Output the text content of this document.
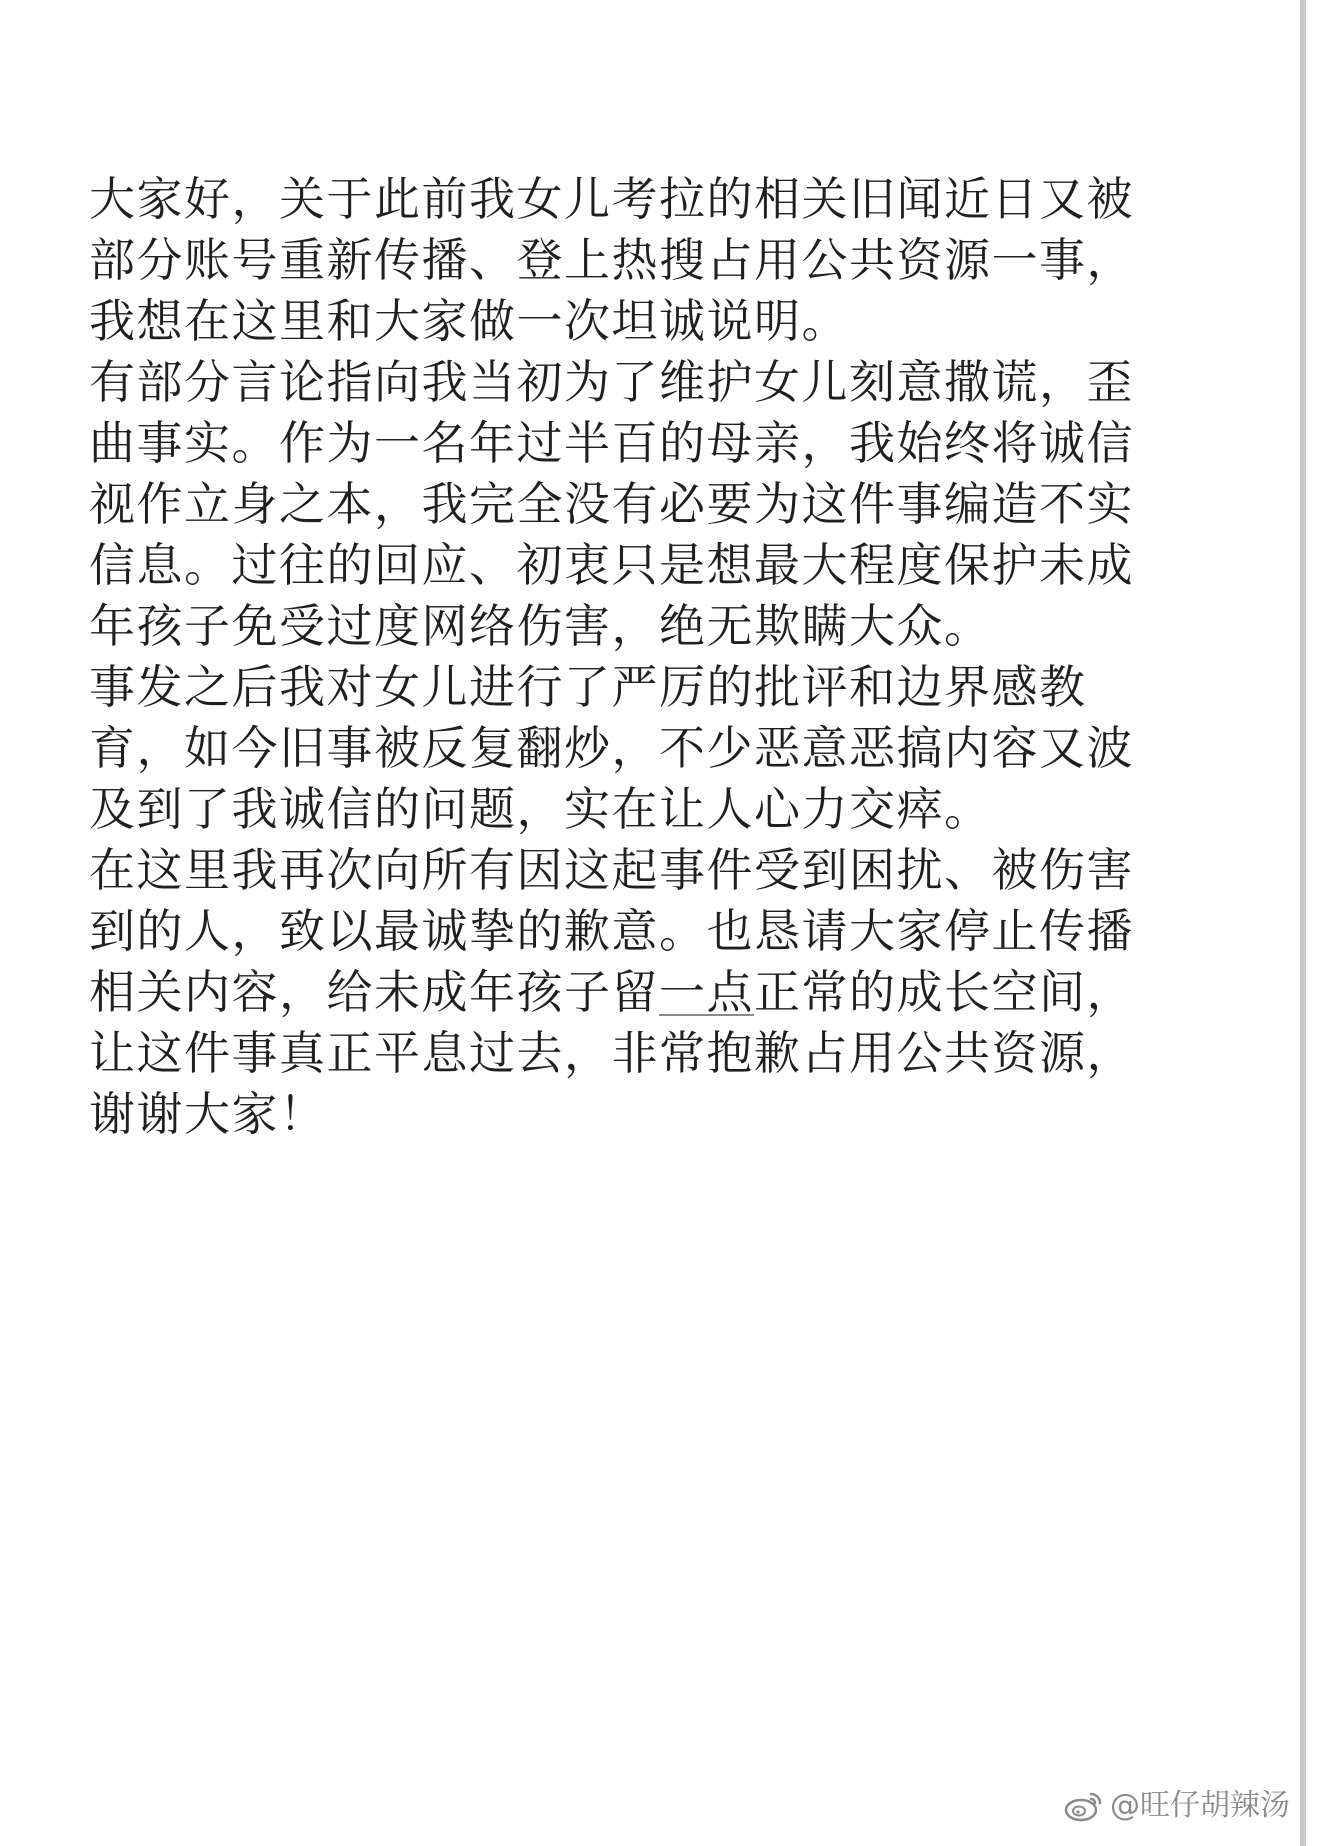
大家好，关于此前我女儿考拉的相关旧闻近日又被
部分账号重新传播、登上热搜占用公共资源一事，
我想在这里和大家做一次坦诚说明。
有部分言论指向我当初为了维护女儿刻意撒谎，歪
曲事实。作为一名年过半百的母亲，我始终将诚信
视作立身之本，我完全没有必要为这件事编造不实
信息。过往的回应、初衷只是想最大程度保护未成
年孩子免受过度网络伤害，绝无欺瞒大众。
事发之后我对女儿进行了严厉的批评和边界感教
育，如今旧事被反复翻炒，不少恶意恶搞内容又波
及到了我诚信的问题，实在让人心力交瘁。
在这里我再次向所有因这起事件受到困扰、被伤害
到的人，致以最诚挚的歉意。也恳请大家停止传播
相关内容，给未成年孩子留一点正常的成长空间，
让这件事真正平息过去，非常抱歉占用公共资源，
谢谢大家！
@旺仔胡辣汤
